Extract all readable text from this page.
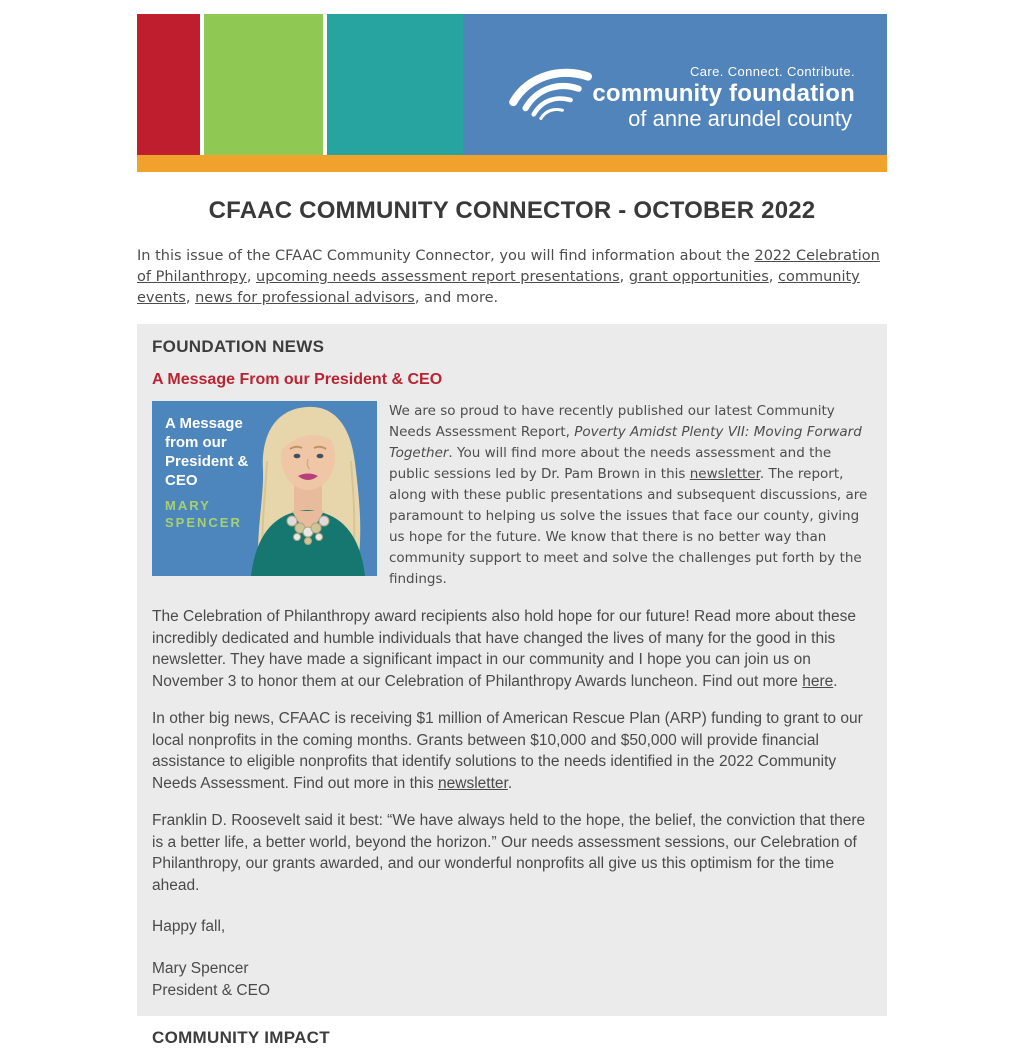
Care. Connect. Contribute.
community foundation
of anne arundel county
CFAAC COMMUNITY CONNECTOR - OCTOBER 2022

In this issue of the CFAAC Community Connector, you will find information about the 2022 Celebration of Philanthropy, upcoming needs assessment report presentations, grant opportunities, community events, news for professional advisors, and more.

FOUNDATION NEWS
A Message From our President & CEO
A Message from our President & CEO
MARY SPENCER

We are so proud to have recently published our latest Community Needs Assessment Report, Poverty Amidst Plenty VII: Moving Forward Together. You will find more about the needs assessment and the public sessions led by Dr. Pam Brown in this newsletter. The report, along with these public presentations and subsequent discussions, are paramount to helping us solve the issues that face our county, giving us hope for the future. We know that there is no better way than community support to meet and solve the challenges put forth by the findings.

The Celebration of Philanthropy award recipients also hold hope for our future! Read more about these incredibly dedicated and humble individuals that have changed the lives of many for the good in this newsletter. They have made a significant impact in our community and I hope you can join us on November 3 to honor them at our Celebration of Philanthropy Awards luncheon. Find out more here.

In other big news, CFAAC is receiving $1 million of American Rescue Plan (ARP) funding to grant to our local nonprofits in the coming months. Grants between $10,000 and $50,000 will provide financial assistance to eligible nonprofits that identify solutions to the needs identified in the 2022 Community Needs Assessment. Find out more in this newsletter.

Franklin D. Roosevelt said it best: “We have always held to the hope, the belief, the conviction that there is a better life, a better world, beyond the horizon.” Our needs assessment sessions, our Celebration of Philanthropy, our grants awarded, and our wonderful nonprofits all give us this optimism for the time ahead.

Happy fall,

Mary Spencer
President & CEO

COMMUNITY IMPACT
